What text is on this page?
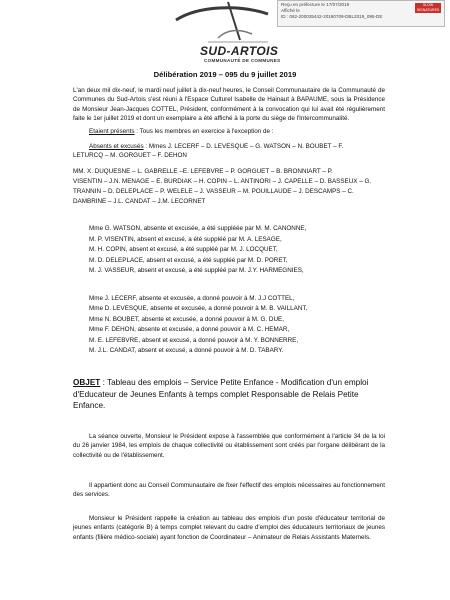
Reçu en préfecture le 17/07/2019
Affiché le
ID : 062-200035442-20190709-DBL2019_095-DE
SLOW SIGNATURES
SUD-ARTOIS
COMMUNAUTÉ DE COMMUNES
Délibération 2019 – 095 du 9 juillet 2019
L'an deux mil dix-neuf, le mardi neuf juillet à dix-neuf heures, le Conseil Communautaire de la Communauté de Communes du Sud-Artois s'est réuni à l'Espace Culturel Isabelle de Hainaut à BAPAUME, sous la Présidence de Monsieur Jean-Jacques COTTEL, Président, conformément à la convocation qui lui avait été régulièrement faite le 1er juillet 2019 et dont un exemplaire a été affiché à la porte du siège de l'Intercommunalité.
Etaient présents : Tous les membres en exercice à l'exception de :
Absents et excusés : Mmes J. LECERF – D. LEVESQUE – G. WATSON – N. BOUBET – F.
LETURCQ – M. GORGUET – F. DEHON
MM. X. DUQUESNE – L. GABRELLE –E. LEFEBVRE – P. GORGUET – B. BRONNIART – P.
VISENTIN – J.N. MENAGE – E. BURDIAK – H. COPIN – L. ANTINORI – J. CAPELLE – D. BASSEUX – G.
TRANNIN – D. DELEPLACE – P. WELELE – J. VASSEUR – M. POUILLAUDE – J. DESCAMPS – C.
DAMBRINE – J.L. CANDAT – J.M. LECORNET
Mme G. WATSON, absente et excusée, a été suppléée par M. M. CANONNE,
M. P. VISENTIN, absent et excusé, a été suppléé par M. A. LESAGE,
M. H. COPIN, absent et excusé, a été suppléé par M. J. LOCQUET,
M. D. DELEPLACE, absent et excusé, a été suppléé par M. D. PORET,
M. J. VASSEUR, absent et excusé, a été suppléé par M. J.Y. HARMEGNIES,
Mme J. LECERF, absente et excusée, a donné pouvoir à M. J.J COTTEL,
Mme D. LEVESQUE, absente et excusée, a donné pouvoir à M. B. VAILLANT,
Mme N. BOUBET, absente et excusée, a donné pouvoir à M. G. DUE,
Mme F. DEHON, absente et excusée, a donné pouvoir à M. C. HEMAR,
M. E. LEFEBVRE, absent et excusé, a donné pouvoir à M. Y. BONNERRE,
M. J.L. CANDAT, absent et excusé, a donné pouvoir à M. D. TABARY.
OBJET : Tableau des emplois – Service Petite Enfance - Modification d'un emploi d'Educateur de Jeunes Enfants à temps complet Responsable de Relais Petite Enfance.
La séance ouverte, Monsieur le Président expose à l'assemblée que conformément à l'article 34 de la loi du 26 janvier 1984, les emplois de chaque collectivité ou établissement sont créés par l'organe délibérant de la collectivité ou de l'établissement.
Il appartient donc au Conseil Communautaire de fixer l'effectif des emplois nécessaires au fonctionnement des services.
Monsieur le Président rappelle la création au tableau des emplois d'un poste d'éducateur territorial de jeunes enfants (catégorie B) à temps complet relevant du cadre d'emploi des éducateurs territoriaux de jeunes enfants (filière médico-sociale) ayant fonction de Coordinateur – Animateur de Relais Assistants Maternels.
